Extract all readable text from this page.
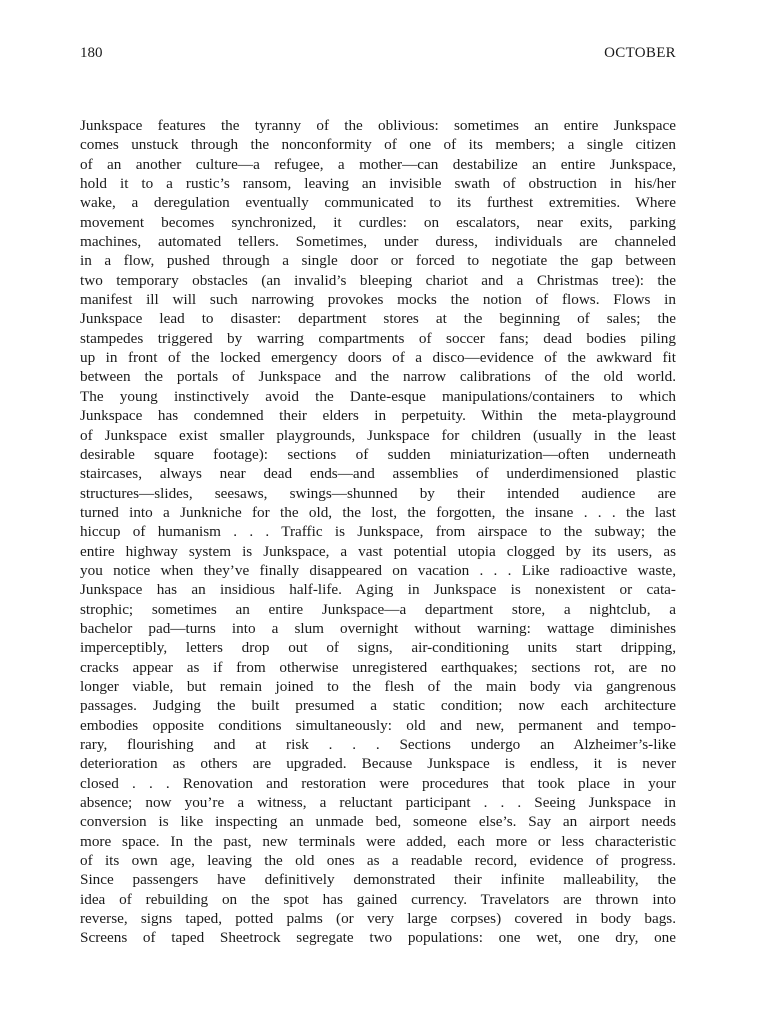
180	OCTOBER
Junkspace features the tyranny of the oblivious: sometimes an entire Junkspace
comes unstuck through the nonconformity of one of its members; a single citizen
of an another culture—a refugee, a mother—can destabilize an entire Junkspace,
hold it to a rustic’s ransom, leaving an invisible swath of obstruction in his/her
wake, a deregulation eventually communicated to its furthest extremities. Where
movement becomes synchronized, it curdles: on escalators, near exits, parking
machines, automated tellers. Sometimes, under duress, individuals are channeled
in a flow, pushed through a single door or forced to negotiate the gap between
two temporary obstacles (an invalid’s bleeping chariot and a Christmas tree): the
manifest ill will such narrowing provokes mocks the notion of flows. Flows in
Junkspace lead to disaster: department stores at the beginning of sales; the
stampedes triggered by warring compartments of soccer fans; dead bodies piling
up in front of the locked emergency doors of a disco—evidence of the awkward fit
between the portals of Junkspace and the narrow calibrations of the old world.
The young instinctively avoid the Dante-esque manipulations/containers to which
Junkspace has condemned their elders in perpetuity. Within the meta-playground
of Junkspace exist smaller playgrounds, Junkspace for children (usually in the least
desirable square footage): sections of sudden miniaturization—often underneath
staircases, always near dead ends—and assemblies of underdimensioned plastic
structures—slides, seesaws, swings—shunned by their intended audience are
turned into a Junkniche for the old, the lost, the forgotten, the insane . . . the last
hiccup of humanism . . . Traffic is Junkspace, from airspace to the subway; the
entire highway system is Junkspace, a vast potential utopia clogged by its users, as
you notice when they’ve finally disappeared on vacation . . . Like radioactive waste,
Junkspace has an insidious half-life. Aging in Junkspace is nonexistent or cata-
strophic; sometimes an entire Junkspace—a department store, a nightclub, a
bachelor pad—turns into a slum overnight without warning: wattage diminishes
imperceptibly, letters drop out of signs, air-conditioning units start dripping,
cracks appear as if from otherwise unregistered earthquakes; sections rot, are no
longer viable, but remain joined to the flesh of the main body via gangrenous
passages. Judging the built presumed a static condition; now each architecture
embodies opposite conditions simultaneously: old and new, permanent and tempo-
rary, flourishing and at risk . . . Sections undergo an Alzheimer’s-like
deterioration as others are upgraded. Because Junkspace is endless, it is never
closed . . . Renovation and restoration were procedures that took place in your
absence; now you’re a witness, a reluctant participant . . . Seeing Junkspace in
conversion is like inspecting an unmade bed, someone else’s. Say an airport needs
more space. In the past, new terminals were added, each more or less characteristic
of its own age, leaving the old ones as a readable record, evidence of progress.
Since passengers have definitively demonstrated their infinite malleability, the
idea of rebuilding on the spot has gained currency. Travelators are thrown into
reverse, signs taped, potted palms (or very large corpses) covered in body bags.
Screens of taped Sheetrock segregate two populations: one wet, one dry, one
